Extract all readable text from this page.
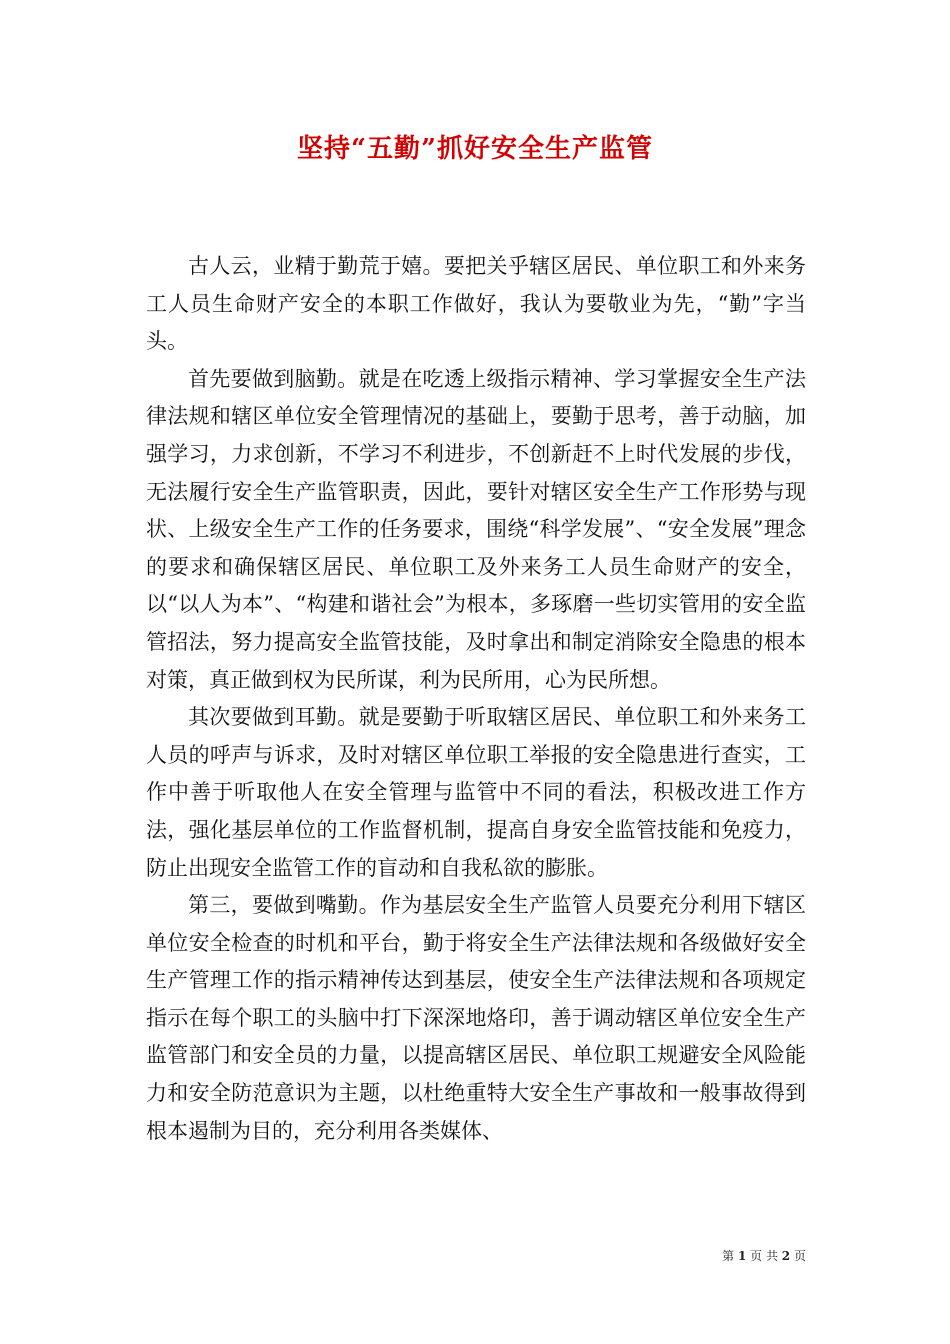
坚持“五勤”抓好安全生产监管

古人云，业精于勤荒于嬉。要把关乎辖区居民、单位职工和外来务工人员生命财产安全的本职工作做好，我认为要敬业为先，“勤”字当头。

首先要做到脑勤。就是在吃透上级指示精神、学习掌握安全生产法律法规和辖区单位安全管理情况的基础上，要勤于思考，善于动脑，加强学习，力求创新，不学习不利进步，不创新赶不上时代发展的步伐，无法履行安全生产监管职责，因此，要针对辖区安全生产工作形势与现状、上级安全生产工作的任务要求，围绕“科学发展”、“安全发展”理念的要求和确保辖区居民、单位职工及外来务工人员生命财产的安全，以“以人为本”、“构建和谐社会”为根本，多琢磨一些切实管用的安全监管招法，努力提高安全监管技能，及时拿出和制定消除安全隐患的根本对策，真正做到权为民所谋，利为民所用，心为民所想。

其次要做到耳勤。就是要勤于听取辖区居民、单位职工和外来务工人员的呼声与诉求，及时对辖区单位职工举报的安全隐患进行查实，工作中善于听取他人在安全管理与监管中不同的看法，积极改进工作方法，强化基层单位的工作监督机制，提高自身安全监管技能和免疫力，防止出现安全监管工作的盲动和自我私欲的膨胀。

第三，要做到嘴勤。作为基层安全生产监管人员要充分利用下辖区单位安全检查的时机和平台，勤于将安全生产法律法规和各级做好安全生产管理工作的指示精神传达到基层，使安全生产法律法规和各项规定指示在每个职工的头脑中打下深深地烙印，善于调动辖区单位安全生产监管部门和安全员的力量，以提高辖区居民、单位职工规避安全风险能力和安全防范意识为主题，以杜绝重特大安全生产事故和一般事故得到根本遏制为目的，充分利用各类媒体、

第 1 页 共 2 页
